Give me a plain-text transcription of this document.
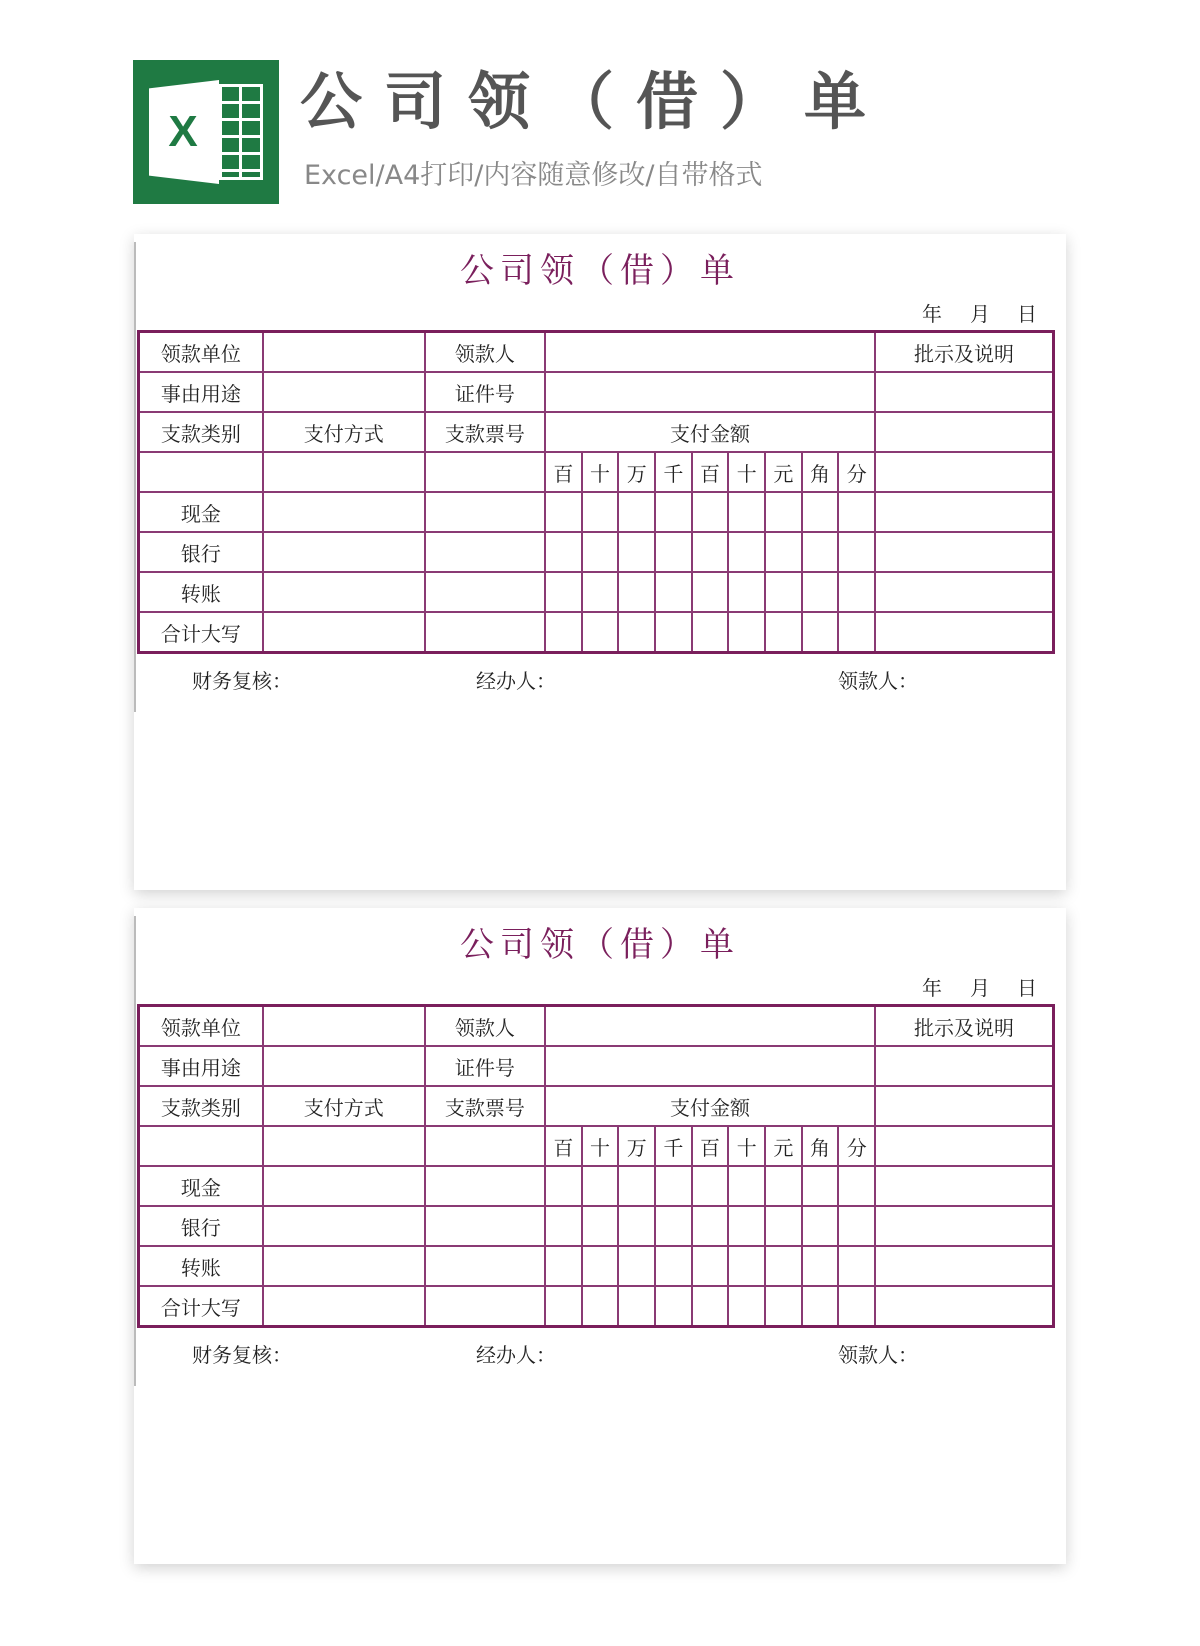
X 公司领（借）单
Excel/A4打印/内容随意修改/自带格式
公司领（借）单
年 月 日
领款单位		领款人										批示及说明
事由用途		证件号										
支款类别	支付方式	支款票号	支付金额									
			百	十	万	千	百	十	元	角	分	
现金												
银行												
转账												
合计大写												
财务复核：	经办人：	领款人：
公司领（借）单
年 月 日
领款单位		领款人										批示及说明
事由用途		证件号										
支款类别	支付方式	支款票号	支付金额									
			百	十	万	千	百	十	元	角	分	
现金												
银行												
转账												
合计大写												
财务复核：	经办人：	领款人：
